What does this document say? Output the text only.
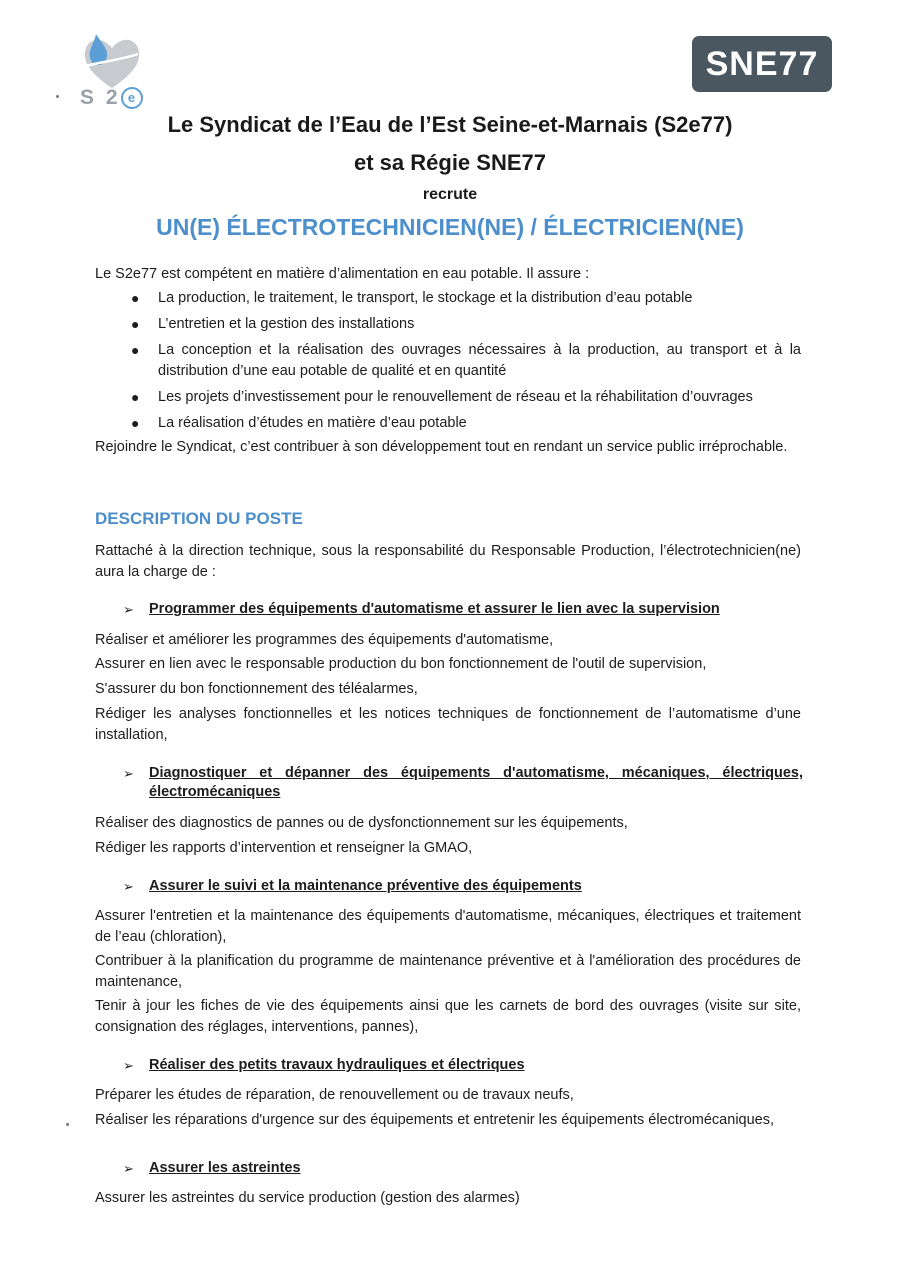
S 2 e
SNE77
Le Syndicat de l’Eau de l’Est Seine-et-Marnais (S2e77)
et sa Régie SNE77
recrute
UN(E) ÉLECTROTECHNICIEN(NE) / ÉLECTRICIEN(NE)

Le S2e77 est compétent en matière d’alimentation en eau potable. Il assure :

● La production, le traitement, le transport, le stockage et la distribution d’eau potable
● L’entretien et la gestion des installations
● La conception et la réalisation des ouvrages nécessaires à la production, au transport et à la distribution d’une eau potable de qualité et en quantité
● Les projets d’investissement pour le renouvellement de réseau et la réhabilitation d’ouvrages
● La réalisation d’études en matière d’eau potable

Rejoindre le Syndicat, c’est contribuer à son développement tout en rendant un service public irréprochable.

DESCRIPTION DU POSTE

Rattaché à la direction technique, sous la responsabilité du Responsable Production, l’électrotechnicien(ne) aura la charge de :

➢ Programmer des équipements d'automatisme et assurer le lien avec la supervision

Réaliser et améliorer les programmes des équipements d'automatisme,

Assurer en lien avec le responsable production du bon fonctionnement de l'outil de supervision,

S'assurer du bon fonctionnement des téléalarmes,

Rédiger les analyses fonctionnelles et les notices techniques de fonctionnement de l’automatisme d’une installation,

➢ Diagnostiquer et dépanner des équipements d'automatisme, mécaniques, électriques, électromécaniques

Réaliser des diagnostics de pannes ou de dysfonctionnement sur les équipements,

Rédiger les rapports d’intervention et renseigner la GMAO,

➢ Assurer le suivi et la maintenance préventive des équipements

Assurer l'entretien et la maintenance des équipements d'automatisme, mécaniques, électriques et traitement de l’eau (chloration),

Contribuer à la planification du programme de maintenance préventive et à l'amélioration des procédures de maintenance,

Tenir à jour les fiches de vie des équipements ainsi que les carnets de bord des ouvrages (visite sur site, consignation des réglages, interventions, pannes),

➢ Réaliser des petits travaux hydrauliques et électriques

Préparer les études de réparation, de renouvellement ou de travaux neufs,

Réaliser les réparations d'urgence sur des équipements et entretenir les équipements électromécaniques,

➢ Assurer les astreintes

Assurer les astreintes du service production (gestion des alarmes)
